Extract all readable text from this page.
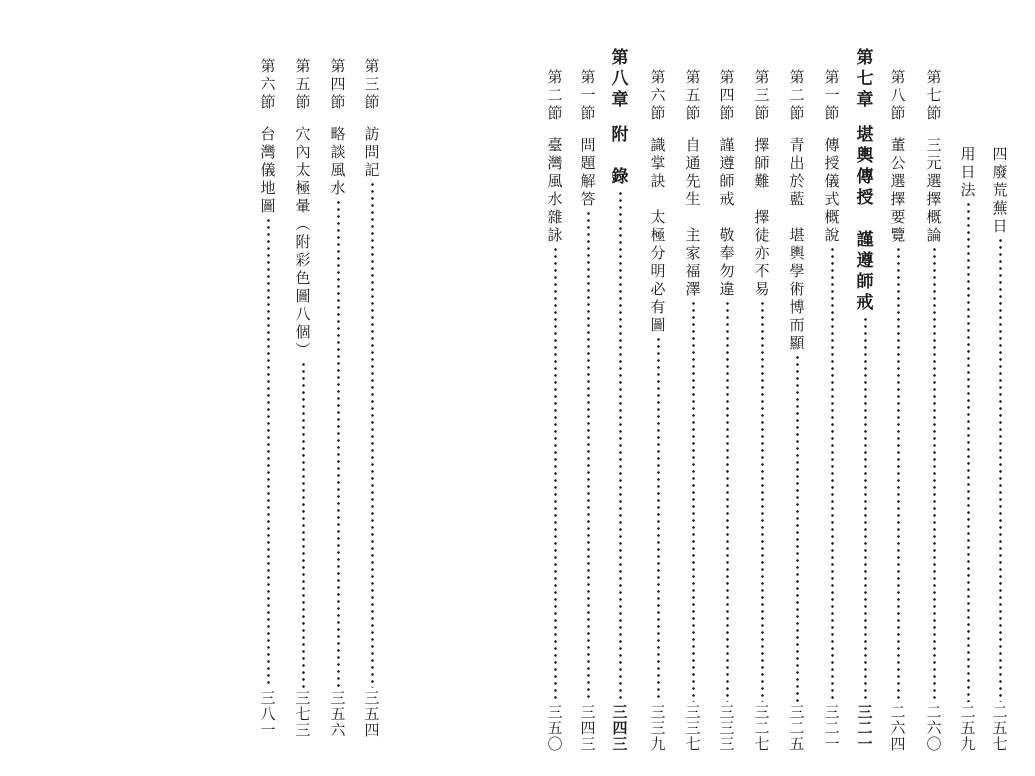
四
廢
荒
蕪
日
二
五
七
用
日
法
二
五
九
第
七
節
三
元
選
擇
概
論
二
六
〇
第
八
節
董
公
選
擇
要
覽
二
六
四
第
七
章
堪
輿
傳
授

謹
遵
師
戒
三
二
一
第
一
節
傳
授
儀
式
概
說
三
二
一
第
二
節
青
出
於
藍

堪
輿
學
術
博
而
顯
三
二
五
第
三
節
擇
師
難

擇
徒
亦
不
易
三
二
七
第
四
節
謹
遵
師
戒

敬
奉
勿
違
三
三
三
第
五
節
自
通
先
生

主
家
福
澤
三
三
七
第
六
節
識
掌
訣

太
極
分
明
必
有
圖
三
三
九
第
八
章
附

錄
三
四
三
第
一
節
問
題
解
答
三
四
三
第
二
節
臺
灣
風
水
雜
詠
三
五
〇
第
三
節
訪
問
記
三
五
四
第
四
節
略
談
風
水
三
五
六
第
五
節
穴
內
太
極
暈
︵
附
彩
色
圖
八
個
︶
三
七
三
第
六
節
台
灣
儀
地
圖
三
八
一
